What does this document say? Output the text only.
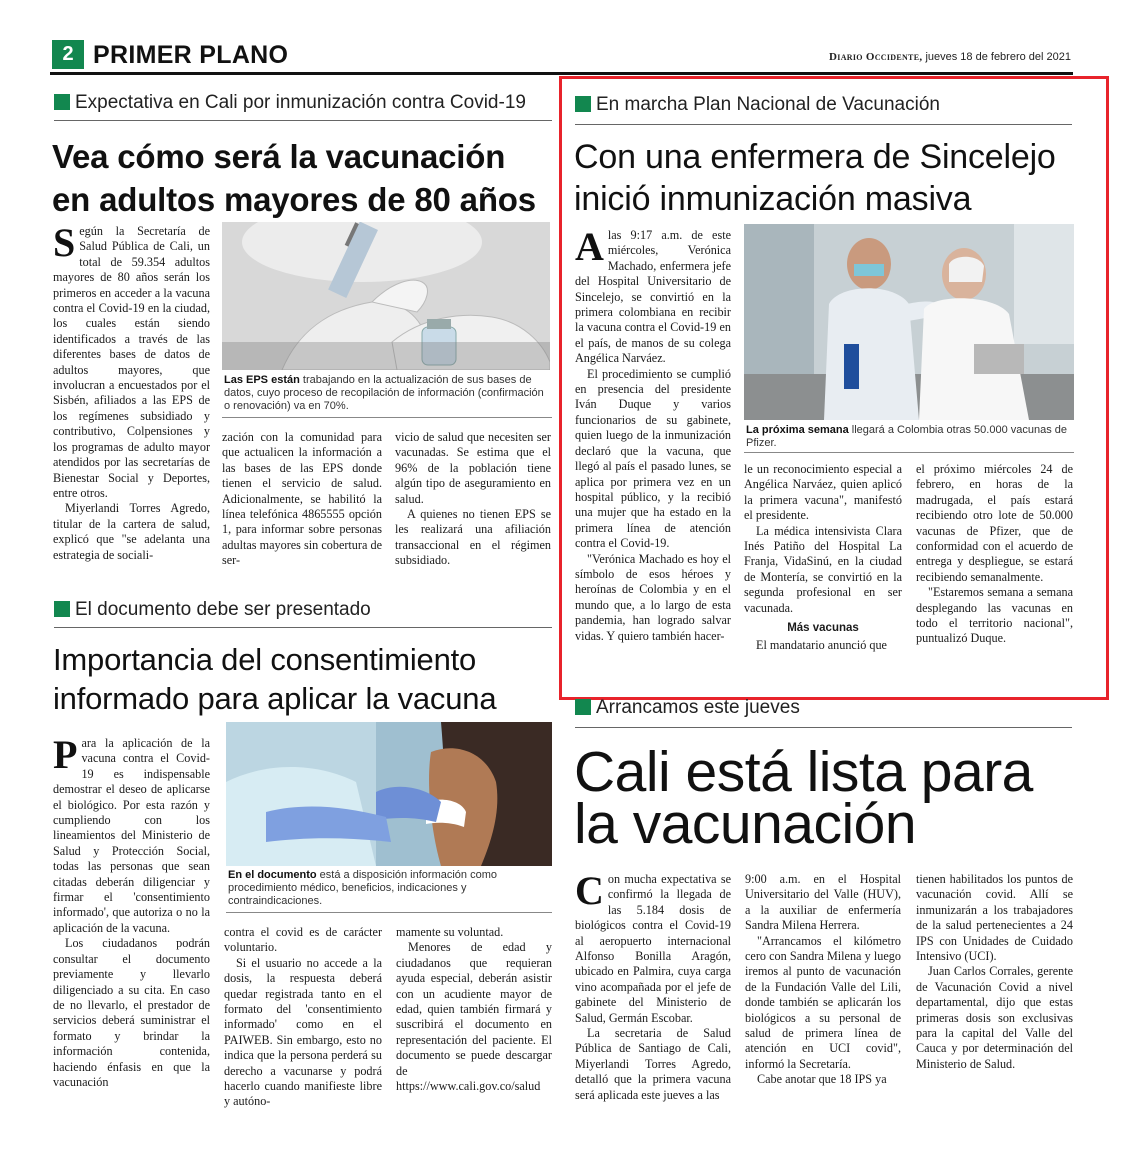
2 PRIMER PLANO	Diario Occidente, jueves 18 de febrero del 2021
Expectativa en Cali por inmunización contra Covid-19
Vea cómo será la vacunación
en adultos mayores de 80 años

Según la Secretaría de Salud Pública de Cali, un total de 59.354 adultos mayores de 80 años serán los primeros en acceder a la vacuna contra el Covid-19 en la ciudad, los cuales están siendo identificados a través de las diferentes bases de datos de adultos mayores, que involucran a encuestados por el Sisbén, afiliados a las EPS de los regímenes subsidiado y contributivo, Colpensiones y los programas de adulto mayor atendidos por las secretarías de Bienestar Social y Deportes, entre otros.

Miyerlandi Torres Agredo, titular de la cartera de salud, explicó que "se adelanta una estrategia de sociali-

Las EPS están trabajando en la actualización de sus bases de datos, cuyo proceso de recopilación de información (confirmación o renovación) va en 70%.

zación con la comunidad para que actualicen la información a las bases de las EPS donde tienen el servicio de salud. Adicionalmente, se habilitó la línea telefónica 4865555 opción 1, para informar sobre personas adultas mayores sin cobertura de ser-

vicio de salud que necesiten ser vacunadas. Se estima que el 96% de la población tiene algún tipo de aseguramiento en salud.

A quienes no tienen EPS se les realizará una afiliación transaccional en el régimen subsidiado.

El documento debe ser presentado
Importancia del consentimiento
informado para aplicar la vacuna

Para la aplicación de la vacuna contra el Covid-19 es indispensable demostrar el deseo de aplicarse el biológico. Por esta razón y cumpliendo con los lineamientos del Ministerio de Salud y Protección Social, todas las personas que sean citadas deberán diligenciar y firmar el 'consentimiento informado', que autoriza o no la aplicación de la vacuna.

Los ciudadanos podrán consultar el documento previamente y llevarlo diligenciado a su cita. En caso de no llevarlo, el prestador de servicios deberá suministrar el formato y brindar la información contenida, haciendo énfasis en que la vacunación

En el documento está a disposición información como procedimiento médico, beneficios, indicaciones y contraindicaciones.

contra el covid es de carácter voluntario.

Si el usuario no accede a la dosis, la respuesta deberá quedar registrada tanto en el formato del 'consentimiento informado' como en el PAIWEB. Sin embargo, esto no indica que la persona perderá su derecho a vacunarse y podrá hacerlo cuando manifieste libre y autóno-

mamente su voluntad.

Menores de edad y ciudadanos que requieran ayuda especial, deberán asistir con un acudiente mayor de edad, quien también firmará y suscribirá el documento en representación del paciente. El documento se puede descargar de https://www.cali.gov.co/salud

En marcha Plan Nacional de Vacunación
Con una enfermera de Sincelejo
inició inmunización masiva

Alas 9:17 a.m. de este miércoles, Verónica Machado, enfermera jefe del Hospital Universitario de Sincelejo, se convirtió en la primera colombiana en recibir la vacuna contra el Covid-19 en el país, de manos de su colega Angélica Narváez.

El procedimiento se cumplió en presencia del presidente Iván Duque y varios funcionarios de su gabinete, quien luego de la inmunización declaró que la vacuna, que llegó al país el pasado lunes, se aplica por primera vez en un hospital público, y la recibió una mujer que ha estado en la primera línea de atención contra el Covid-19.

"Verónica Machado es hoy el símbolo de esos héroes y heroínas de Colombia y en el mundo que, a lo largo de esta pandemia, han logrado salvar vidas. Y quiero también hacer-

La próxima semana llegará a Colombia otras 50.000 vacunas de Pfizer.

le un reconocimiento especial a Angélica Narváez, quien aplicó la primera vacuna", manifestó el presidente.

La médica intensivista Clara Inés Patiño del Hospital La Franja, VidaSinú, en la ciudad de Montería, se convirtió en la segunda profesional en ser vacunada.

Más vacunas

El mandatario anunció que

el próximo miércoles 24 de febrero, en horas de la madrugada, el país estará recibiendo otro lote de 50.000 vacunas de Pfizer, que de conformidad con el acuerdo de entrega y despliegue, se estará recibiendo semanalmente.

"Estaremos semana a semana desplegando las vacunas en todo el territorio nacional", puntualizó Duque.

Arrancamos este jueves
Cali está lista para
la vacunación

Con mucha expectativa se confirmó la llegada de las 5.184 dosis de biológicos contra el Covid-19 al aeropuerto internacional Alfonso Bonilla Aragón, ubicado en Palmira, cuya carga vino acompañada por el jefe de gabinete del Ministerio de Salud, Germán Escobar.

La secretaria de Salud Pública de Santiago de Cali, Miyerlandi Torres Agredo, detalló que la primera vacuna será aplicada este jueves a las

9:00 a.m. en el Hospital Universitario del Valle (HUV), a la auxiliar de enfermería Sandra Milena Herrera.

"Arrancamos el kilómetro cero con Sandra Milena y luego iremos al punto de vacunación de la Fundación Valle del Lili, donde también se aplicarán los biológicos a su personal de salud de primera línea de atención en UCI covid", informó la Secretaría.

Cabe anotar que 18 IPS ya

tienen habilitados los puntos de vacunación covid. Allí se inmunizarán a los trabajadores de la salud pertenecientes a 24 IPS con Unidades de Cuidado Intensivo (UCI).

Juan Carlos Corrales, gerente de Vacunación Covid a nivel departamental, dijo que estas primeras dosis son exclusivas para la capital del Valle del Cauca y por determinación del Ministerio de Salud.
